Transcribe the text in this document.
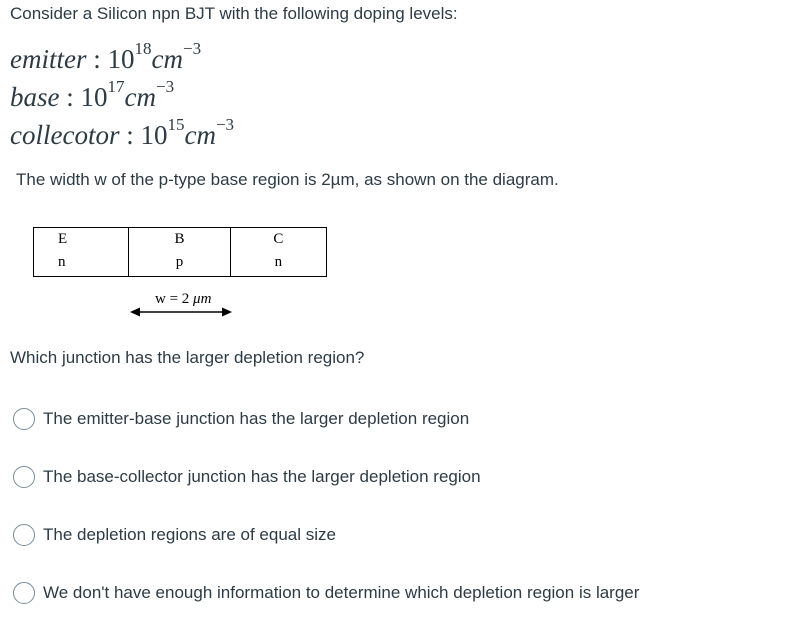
Consider a Silicon npn BJT with the following doping levels:
emitter : $10^{18}cm^{-3}$
base : $10^{17}cm^{-3}$
collecotor : $10^{15}cm^{-3}$
The width w of the p-type base region is 2µm, as shown on the diagram.
E
n
B
p
C
n
w = 2 μm
Which junction has the larger depletion region?
The emitter-base junction has the larger depletion region
The base-collector junction has the larger depletion region
The depletion regions are of equal size
We don't have enough information to determine which depletion region is larger
